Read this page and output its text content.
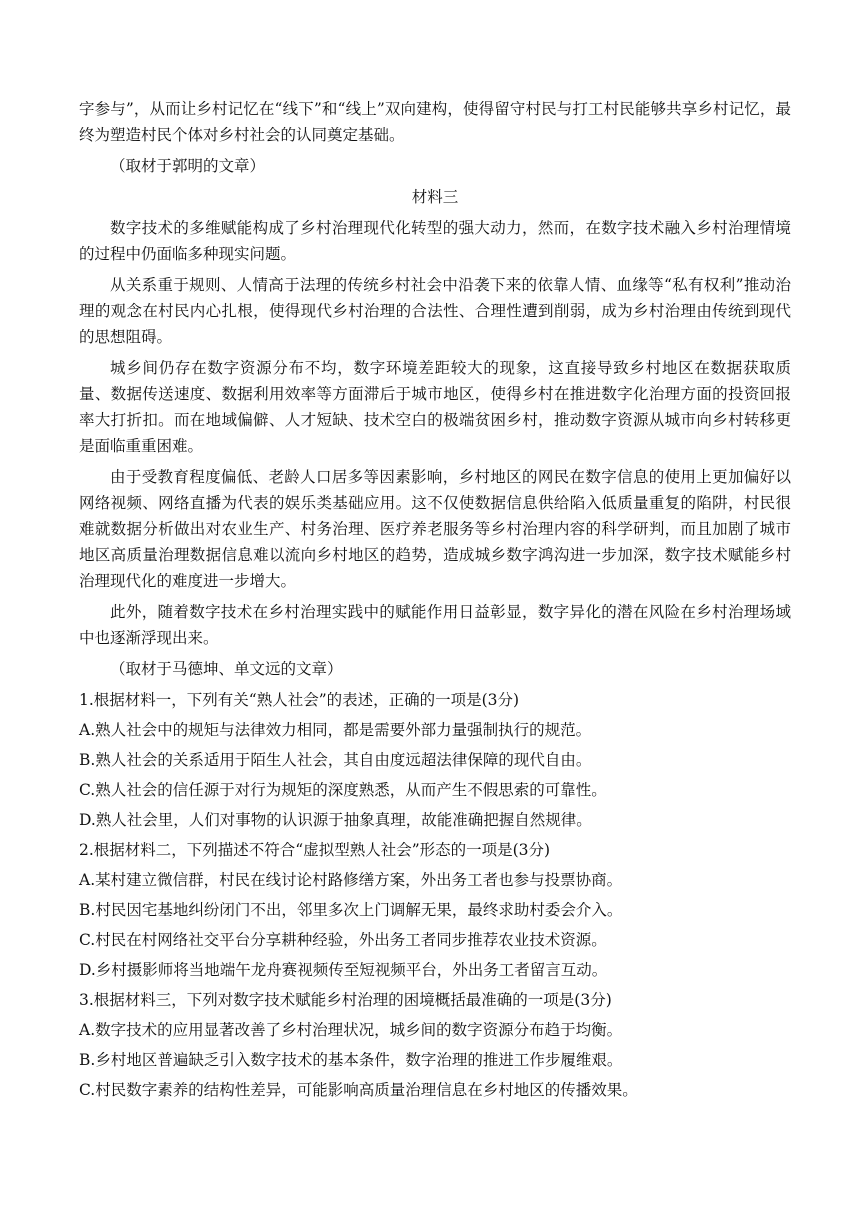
字参与”，从而让乡村记忆在“线下”和“线上”双向建构，使得留守村民与打工村民能够共享乡村记忆，最终为塑造村民个体对乡村社会的认同奠定基础。

（取材于郭明的文章）

材料三

数字技术的多维赋能构成了乡村治理现代化转型的强大动力，然而，在数字技术融入乡村治理情境的过程中仍面临多种现实问题。

从关系重于规则、人情高于法理的传统乡村社会中沿袭下来的依靠人情、血缘等“私有权利”推动治理的观念在村民内心扎根，使得现代乡村治理的合法性、合理性遭到削弱，成为乡村治理由传统到现代的思想阻碍。

城乡间仍存在数字资源分布不均，数字环境差距较大的现象，这直接导致乡村地区在数据获取质量、数据传送速度、数据利用效率等方面滞后于城市地区，使得乡村在推进数字化治理方面的投资回报率大打折扣。而在地域偏僻、人才短缺、技术空白的极端贫困乡村，推动数字资源从城市向乡村转移更是面临重重困难。

由于受教育程度偏低、老龄人口居多等因素影响，乡村地区的网民在数字信息的使用上更加偏好以网络视频、网络直播为代表的娱乐类基础应用。这不仅使数据信息供给陷入低质量重复的陷阱，村民很难就数据分析做出对农业生产、村务治理、医疗养老服务等乡村治理内容的科学研判，而且加剧了城市地区高质量治理数据信息难以流向乡村地区的趋势，造成城乡数字鸿沟进一步加深，数字技术赋能乡村治理现代化的难度进一步增大。

此外，随着数字技术在乡村治理实践中的赋能作用日益彰显，数字异化的潜在风险在乡村治理场域中也逐渐浮现出来。

（取材于马德坤、单文远的文章）

1.根据材料一，下列有关“熟人社会”的表述，正确的一项是(3分)

A.熟人社会中的规矩与法律效力相同，都是需要外部力量强制执行的规范。

B.熟人社会的关系适用于陌生人社会，其自由度远超法律保障的现代自由。

C.熟人社会的信任源于对行为规矩的深度熟悉，从而产生不假思索的可靠性。

D.熟人社会里，人们对事物的认识源于抽象真理，故能准确把握自然规律。

2.根据材料二，下列描述不符合“虚拟型熟人社会”形态的一项是(3分)

A.某村建立微信群，村民在线讨论村路修缮方案，外出务工者也参与投票协商。

B.村民因宅基地纠纷闭门不出，邻里多次上门调解无果，最终求助村委会介入。

C.村民在村网络社交平台分享耕种经验，外出务工者同步推荐农业技术资源。

D.乡村摄影师将当地端午龙舟赛视频传至短视频平台，外出务工者留言互动。

3.根据材料三，下列对数字技术赋能乡村治理的困境概括最准确的一项是(3分)

A.数字技术的应用显著改善了乡村治理状况，城乡间的数字资源分布趋于均衡。

B.乡村地区普遍缺乏引入数字技术的基本条件，数字治理的推进工作步履维艰。

C.村民数字素养的结构性差异，可能影响高质量治理信息在乡村地区的传播效果。
